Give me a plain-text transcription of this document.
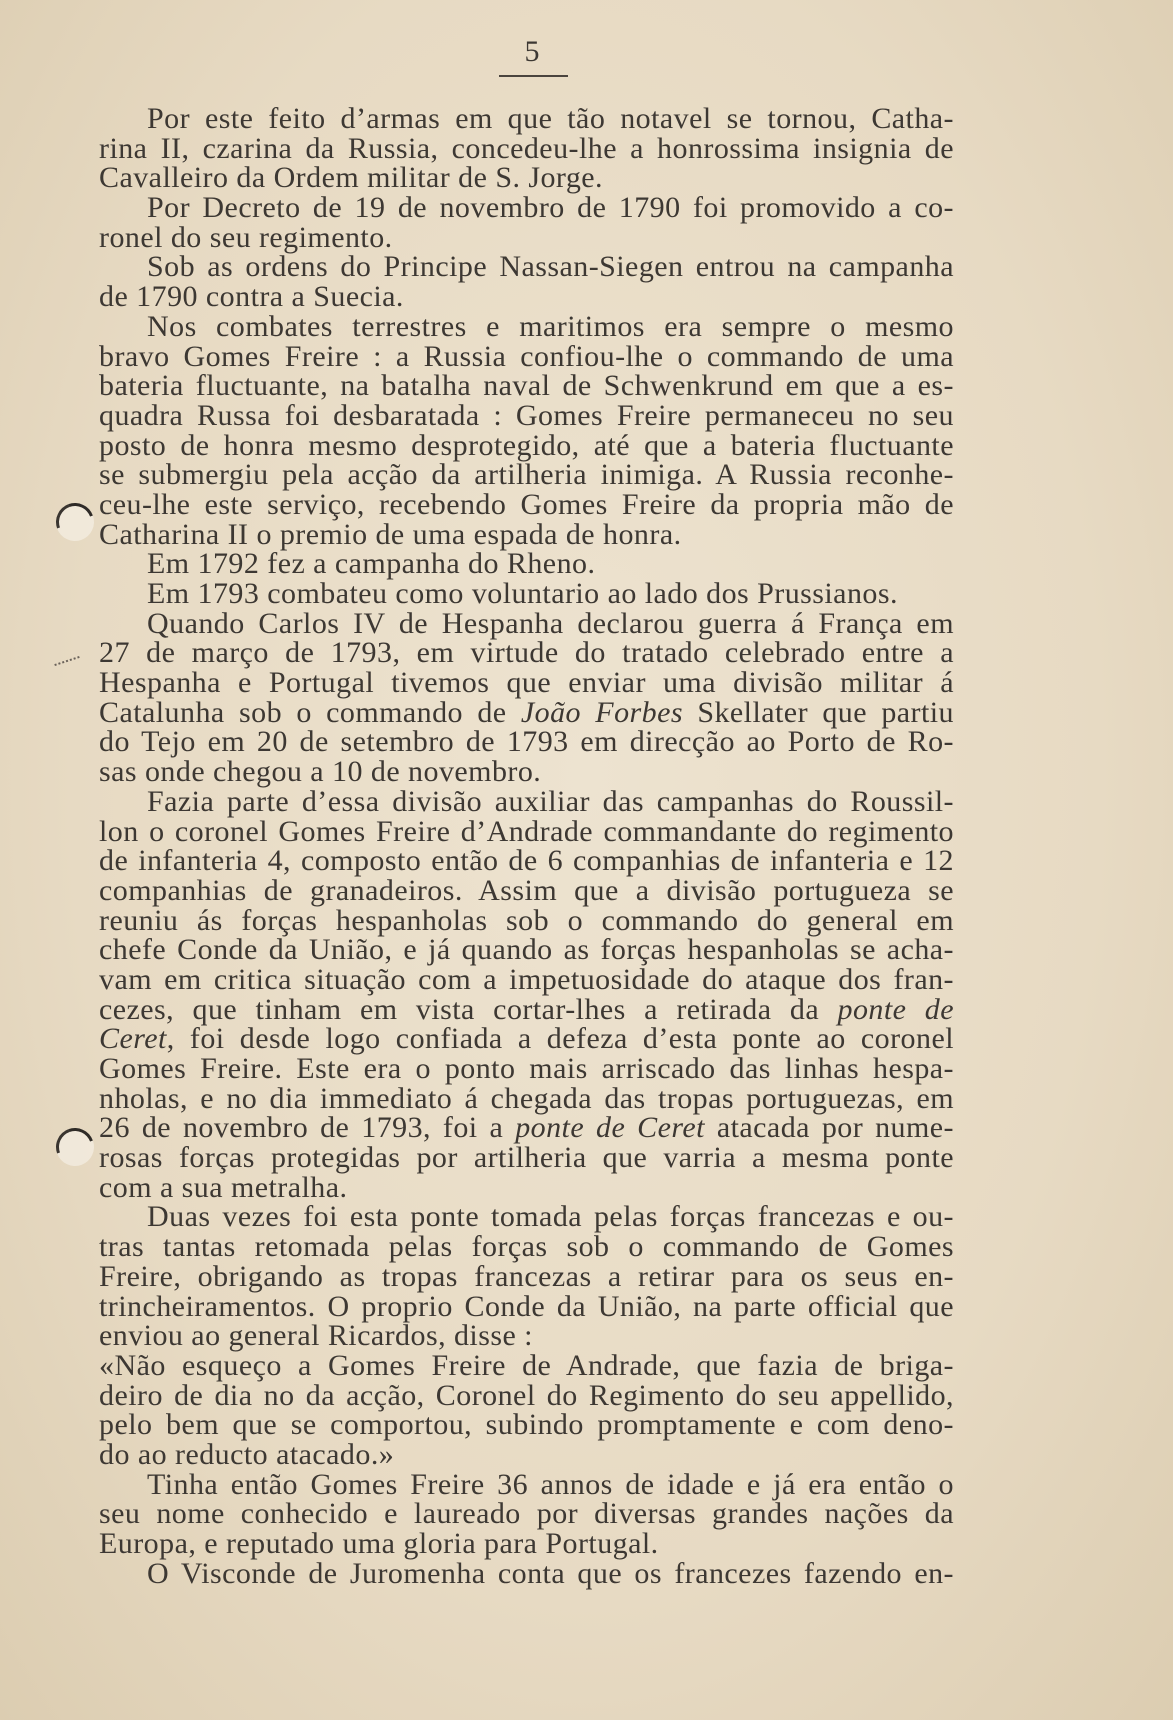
5
Por este feito d’armas em que tão notavel se tornou, Catha-
rina II, czarina da Russia, concedeu-lhe a honrossima insignia de
Cavalleiro da Ordem militar de S. Jorge.
Por Decreto de 19 de novembro de 1790 foi promovido a co-
ronel do seu regimento.
Sob as ordens do Principe Nassan-Siegen entrou na campanha
de 1790 contra a Suecia.
Nos combates terrestres e maritimos era sempre o mesmo
bravo Gomes Freire : a Russia confiou-lhe o commando de uma
bateria fluctuante, na batalha naval de Schwenkrund em que a es-
quadra Russa foi desbaratada : Gomes Freire permaneceu no seu
posto de honra mesmo desprotegido, até que a bateria fluctuante
se submergiu pela acção da artilheria inimiga. A Russia reconhe-
ceu-lhe este serviço, recebendo Gomes Freire da propria mão de
Catharina II o premio de uma espada de honra.
Em 1792 fez a campanha do Rheno.
Em 1793 combateu como voluntario ao lado dos Prussianos.
Quando Carlos IV de Hespanha declarou guerra á França em
27 de março de 1793, em virtude do tratado celebrado entre a
Hespanha e Portugal tivemos que enviar uma divisão militar á
Catalunha sob o commando de João Forbes Skellater que partiu
do Tejo em 20 de setembro de 1793 em direcção ao Porto de Ro-
sas onde chegou a 10 de novembro.
Fazia parte d’essa divisão auxiliar das campanhas do Roussil-
lon o coronel Gomes Freire d’Andrade commandante do regimento
de infanteria 4, composto então de 6 companhias de infanteria e 12
companhias de granadeiros. Assim que a divisão portugueza se
reuniu ás forças hespanholas sob o commando do general em
chefe Conde da União, e já quando as forças hespanholas se acha-
vam em critica situação com a impetuosidade do ataque dos fran-
cezes, que tinham em vista cortar-lhes a retirada da ponte de
Ceret, foi desde logo confiada a defeza d’esta ponte ao coronel
Gomes Freire. Este era o ponto mais arriscado das linhas hespa-
nholas, e no dia immediato á chegada das tropas portuguezas, em
26 de novembro de 1793, foi a ponte de Ceret atacada por nume-
rosas forças protegidas por artilheria que varria a mesma ponte
com a sua metralha.
Duas vezes foi esta ponte tomada pelas forças francezas e ou-
tras tantas retomada pelas forças sob o commando de Gomes
Freire, obrigando as tropas francezas a retirar para os seus en-
trincheiramentos. O proprio Conde da União, na parte official que
enviou ao general Ricardos, disse :
«Não esqueço a Gomes Freire de Andrade, que fazia de briga-
deiro de dia no da acção, Coronel do Regimento do seu appellido,
pelo bem que se comportou, subindo promptamente e com deno-
do ao reducto atacado.»
Tinha então Gomes Freire 36 annos de idade e já era então o
seu nome conhecido e laureado por diversas grandes nações da
Europa, e reputado uma gloria para Portugal.
O Visconde de Juromenha conta que os francezes fazendo en-
